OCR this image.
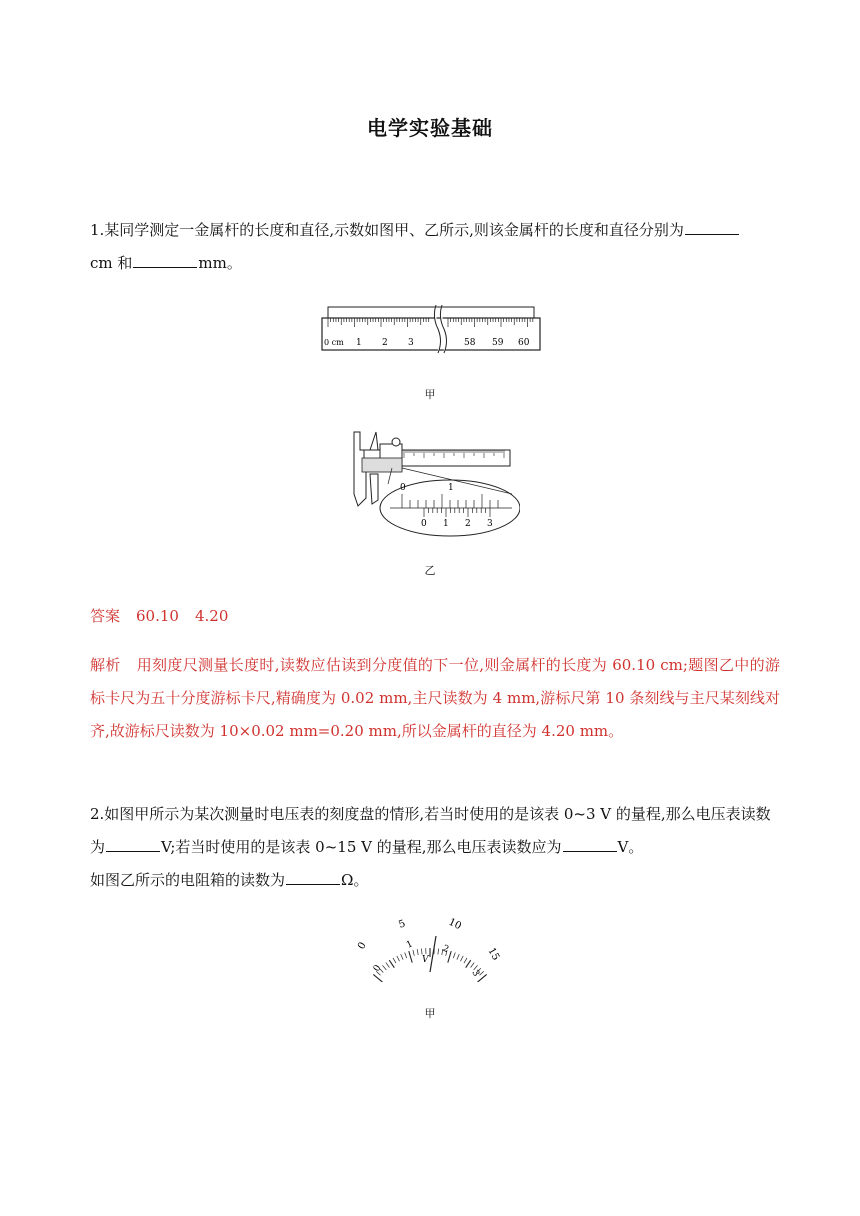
电学实验基础
1.某同学测定一金属杆的长度和直径,示数如图甲、乙所示,则该金属杆的长度和直径分别为
cm 和	mm。
0 cm 1 2 3	58 59 60
甲
0	1
0 1 2 3
乙
答案 60.10 4.20
解析 用刻度尺测量长度时,读数应估读到分度值的下一位,则金属杆的长度为 60.10 cm;题图乙中的游标卡尺为五十分度游标卡尺,精确度为 0.02 mm,主尺读数为 4 mm,游标尺第 10 条刻线与主尺某刻线对齐,故游标尺读数为 10×0.02 mm=0.20 mm,所以金属杆的直径为 4.20 mm。
2.如图甲所示为某次测量时电压表的刻度盘的情形,若当时使用的是该表 0~3 V 的量程,那么电压表读数为	V;若当时使用的是该表 0~15 V 的量程,那么电压表读数应为	V。
如图乙所示的电阻箱的读数为	Ω。
0
5	10
15
0
1	2
3
V
甲
